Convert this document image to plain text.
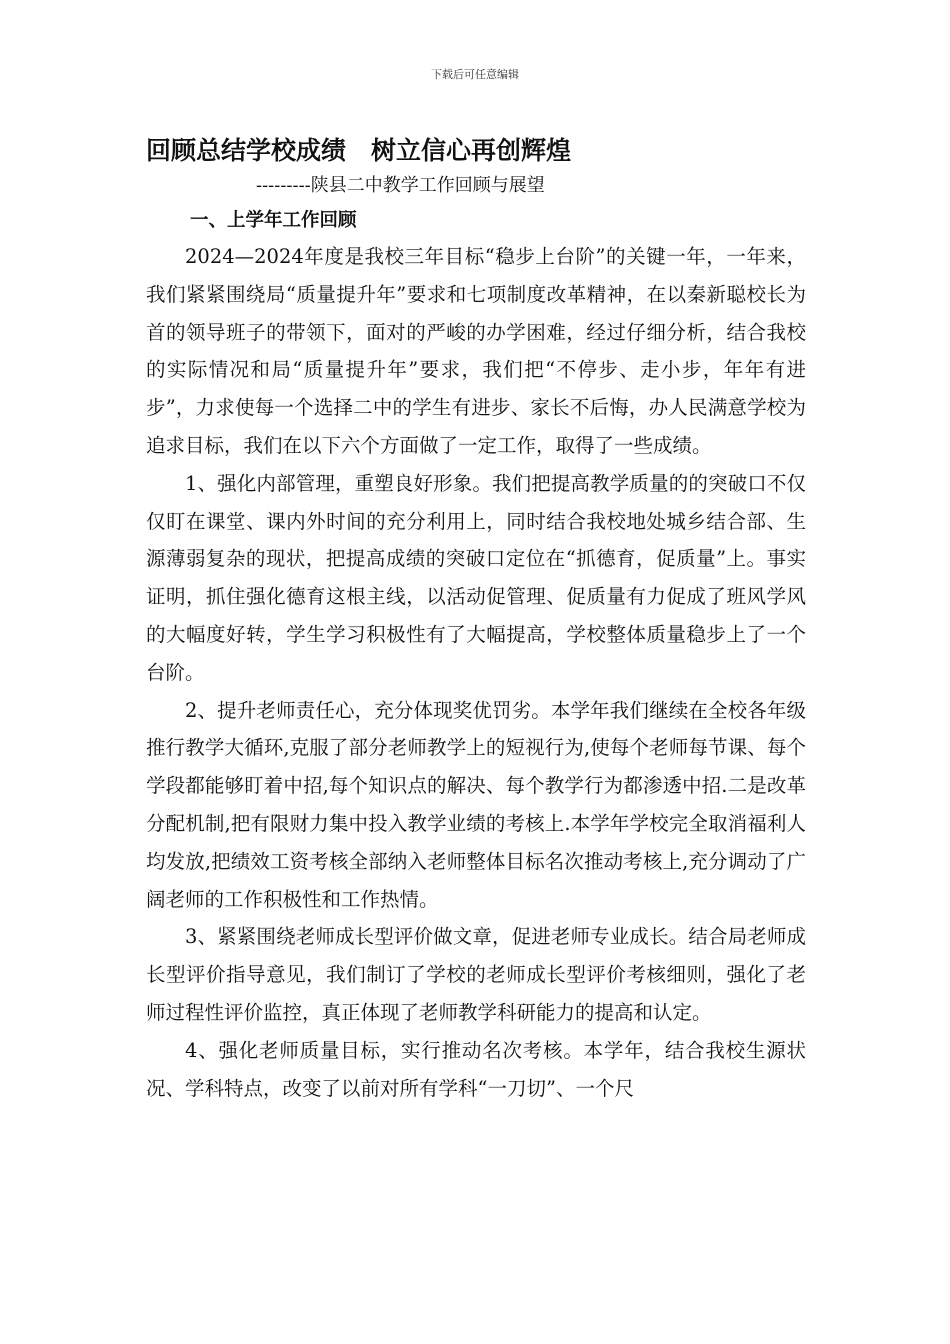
下载后可任意编辑
回顾总结学校成绩　树立信心再创辉煌

---------陕县二中教学工作回顾与展望

一、上学年工作回顾

2024—2024年度是我校三年目标“稳步上台阶”的关键一年，一年来，我们紧紧围绕局“质量提升年”要求和七项制度改革精神，在以秦新聪校长为首的领导班子的带领下，面对的严峻的办学困难，经过仔细分析，结合我校的实际情况和局“质量提升年”要求，我们把“不停步、走小步，年年有进步”，力求使每一个选择二中的学生有进步、家长不后悔，办人民满意学校为追求目标，我们在以下六个方面做了一定工作，取得了一些成绩。

1、强化内部管理，重塑良好形象。我们把提高教学质量的的突破口不仅仅盯在课堂、课内外时间的充分利用上，同时结合我校地处城乡结合部、生源薄弱复杂的现状，把提高成绩的突破口定位在“抓德育，促质量”上。事实证明，抓住强化德育这根主线，以活动促管理、促质量有力促成了班风学风的大幅度好转，学生学习积极性有了大幅提高，学校整体质量稳步上了一个台阶。

2、提升老师责任心，充分体现奖优罚劣。本学年我们继续在全校各年级推行教学大循环,克服了部分老师教学上的短视行为,使每个老师每节课、每个学段都能够盯着中招,每个知识点的解决、每个教学行为都渗透中招.二是改革分配机制,把有限财力集中投入教学业绩的考核上.本学年学校完全取消福利人均发放,把绩效工资考核全部纳入老师整体目标名次推动考核上,充分调动了广阔老师的工作积极性和工作热情。

3、紧紧围绕老师成长型评价做文章，促进老师专业成长。结合局老师成长型评价指导意见，我们制订了学校的老师成长型评价考核细则，强化了老师过程性评价监控，真正体现了老师教学科研能力的提高和认定。

4、强化老师质量目标，实行推动名次考核。本学年，结合我校生源状况、学科特点，改变了以前对所有学科“一刀切”、一个尺
